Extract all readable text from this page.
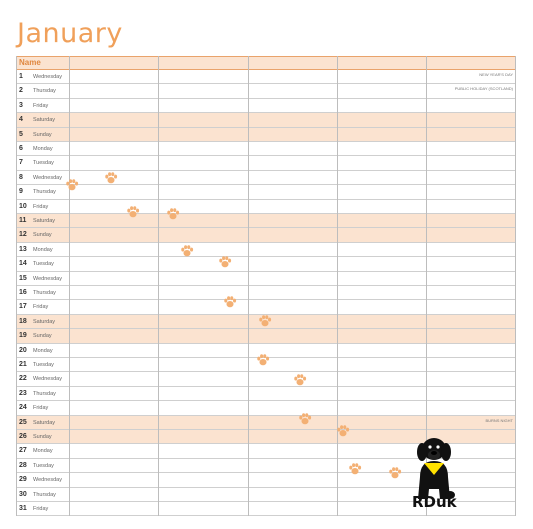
January
Name
1 Wednesday	NEW YEAR'S DAY
2 Thursday	PUBLIC HOLIDAY (SCOTLAND)
3 Friday
4 Saturday
5 Sunday
6 Monday
7 Tuesday
8 Wednesday
9 Thursday
10 Friday
11 Saturday
12 Sunday
13 Monday
14 Tuesday
15 Wednesday
16 Thursday
17 Friday
18 Saturday
19 Sunday
20 Monday
21 Tuesday
22 Wednesday
23 Thursday
24 Friday
25 Saturday	BURNS NIGHT
26 Sunday
27 Monday
28 Tuesday
29 Wednesday
30 Thursday
31 Friday	RDuk
